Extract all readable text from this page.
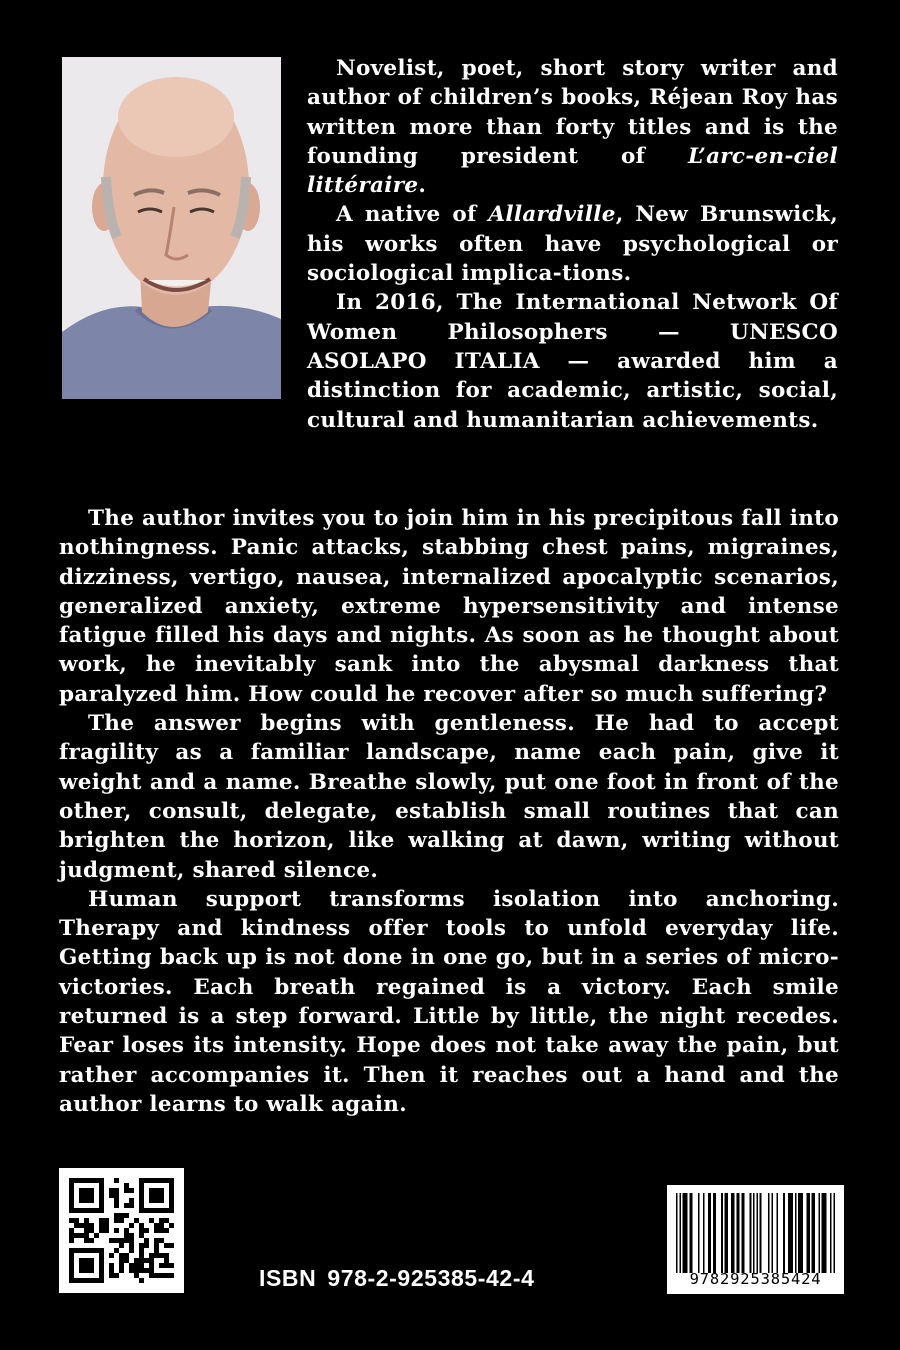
Novelist, poet, short story writer and author of children’s books, Réjean Roy has written more than forty titles and is the founding president of L’arc-en-ciel littéraire.

A native of Allardville, New Brunswick, his works often have psychological or sociological implica-tions.

In 2016, The International Network Of Women Philosophers — UNESCO ASOLAPO ITALIA — awarded him a distinction for academic, artistic, social, cultural and humanitarian achievements.

The author invites you to join him in his precipitous fall into nothingness. Panic attacks, stabbing chest pains, migraines, dizziness, vertigo, nausea, internalized apocalyptic scenarios, generalized anxiety, extreme hypersensitivity and intense fatigue filled his days and nights. As soon as he thought about work, he inevitably sank into the abysmal darkness that paralyzed him. How could he recover after so much suffering?

The answer begins with gentleness. He had to accept fragility as a familiar landscape, name each pain, give it weight and a name. Breathe slowly, put one foot in front of the other, consult, delegate, establish small routines that can brighten the horizon, like walking at dawn, writing without judgment, shared silence.

Human support transforms isolation into anchoring. Therapy and kindness offer tools to unfold everyday life. Getting back up is not done in one go, but in a series of micro-victories. Each breath regained is a victory. Each smile returned is a step forward. Little by little, the night recedes. Fear loses its intensity. Hope does not take away the pain, but rather accompanies it. Then it reaches out a hand and the author learns to walk again.

ISBN 978-2-925385-42-4	9782925385424
